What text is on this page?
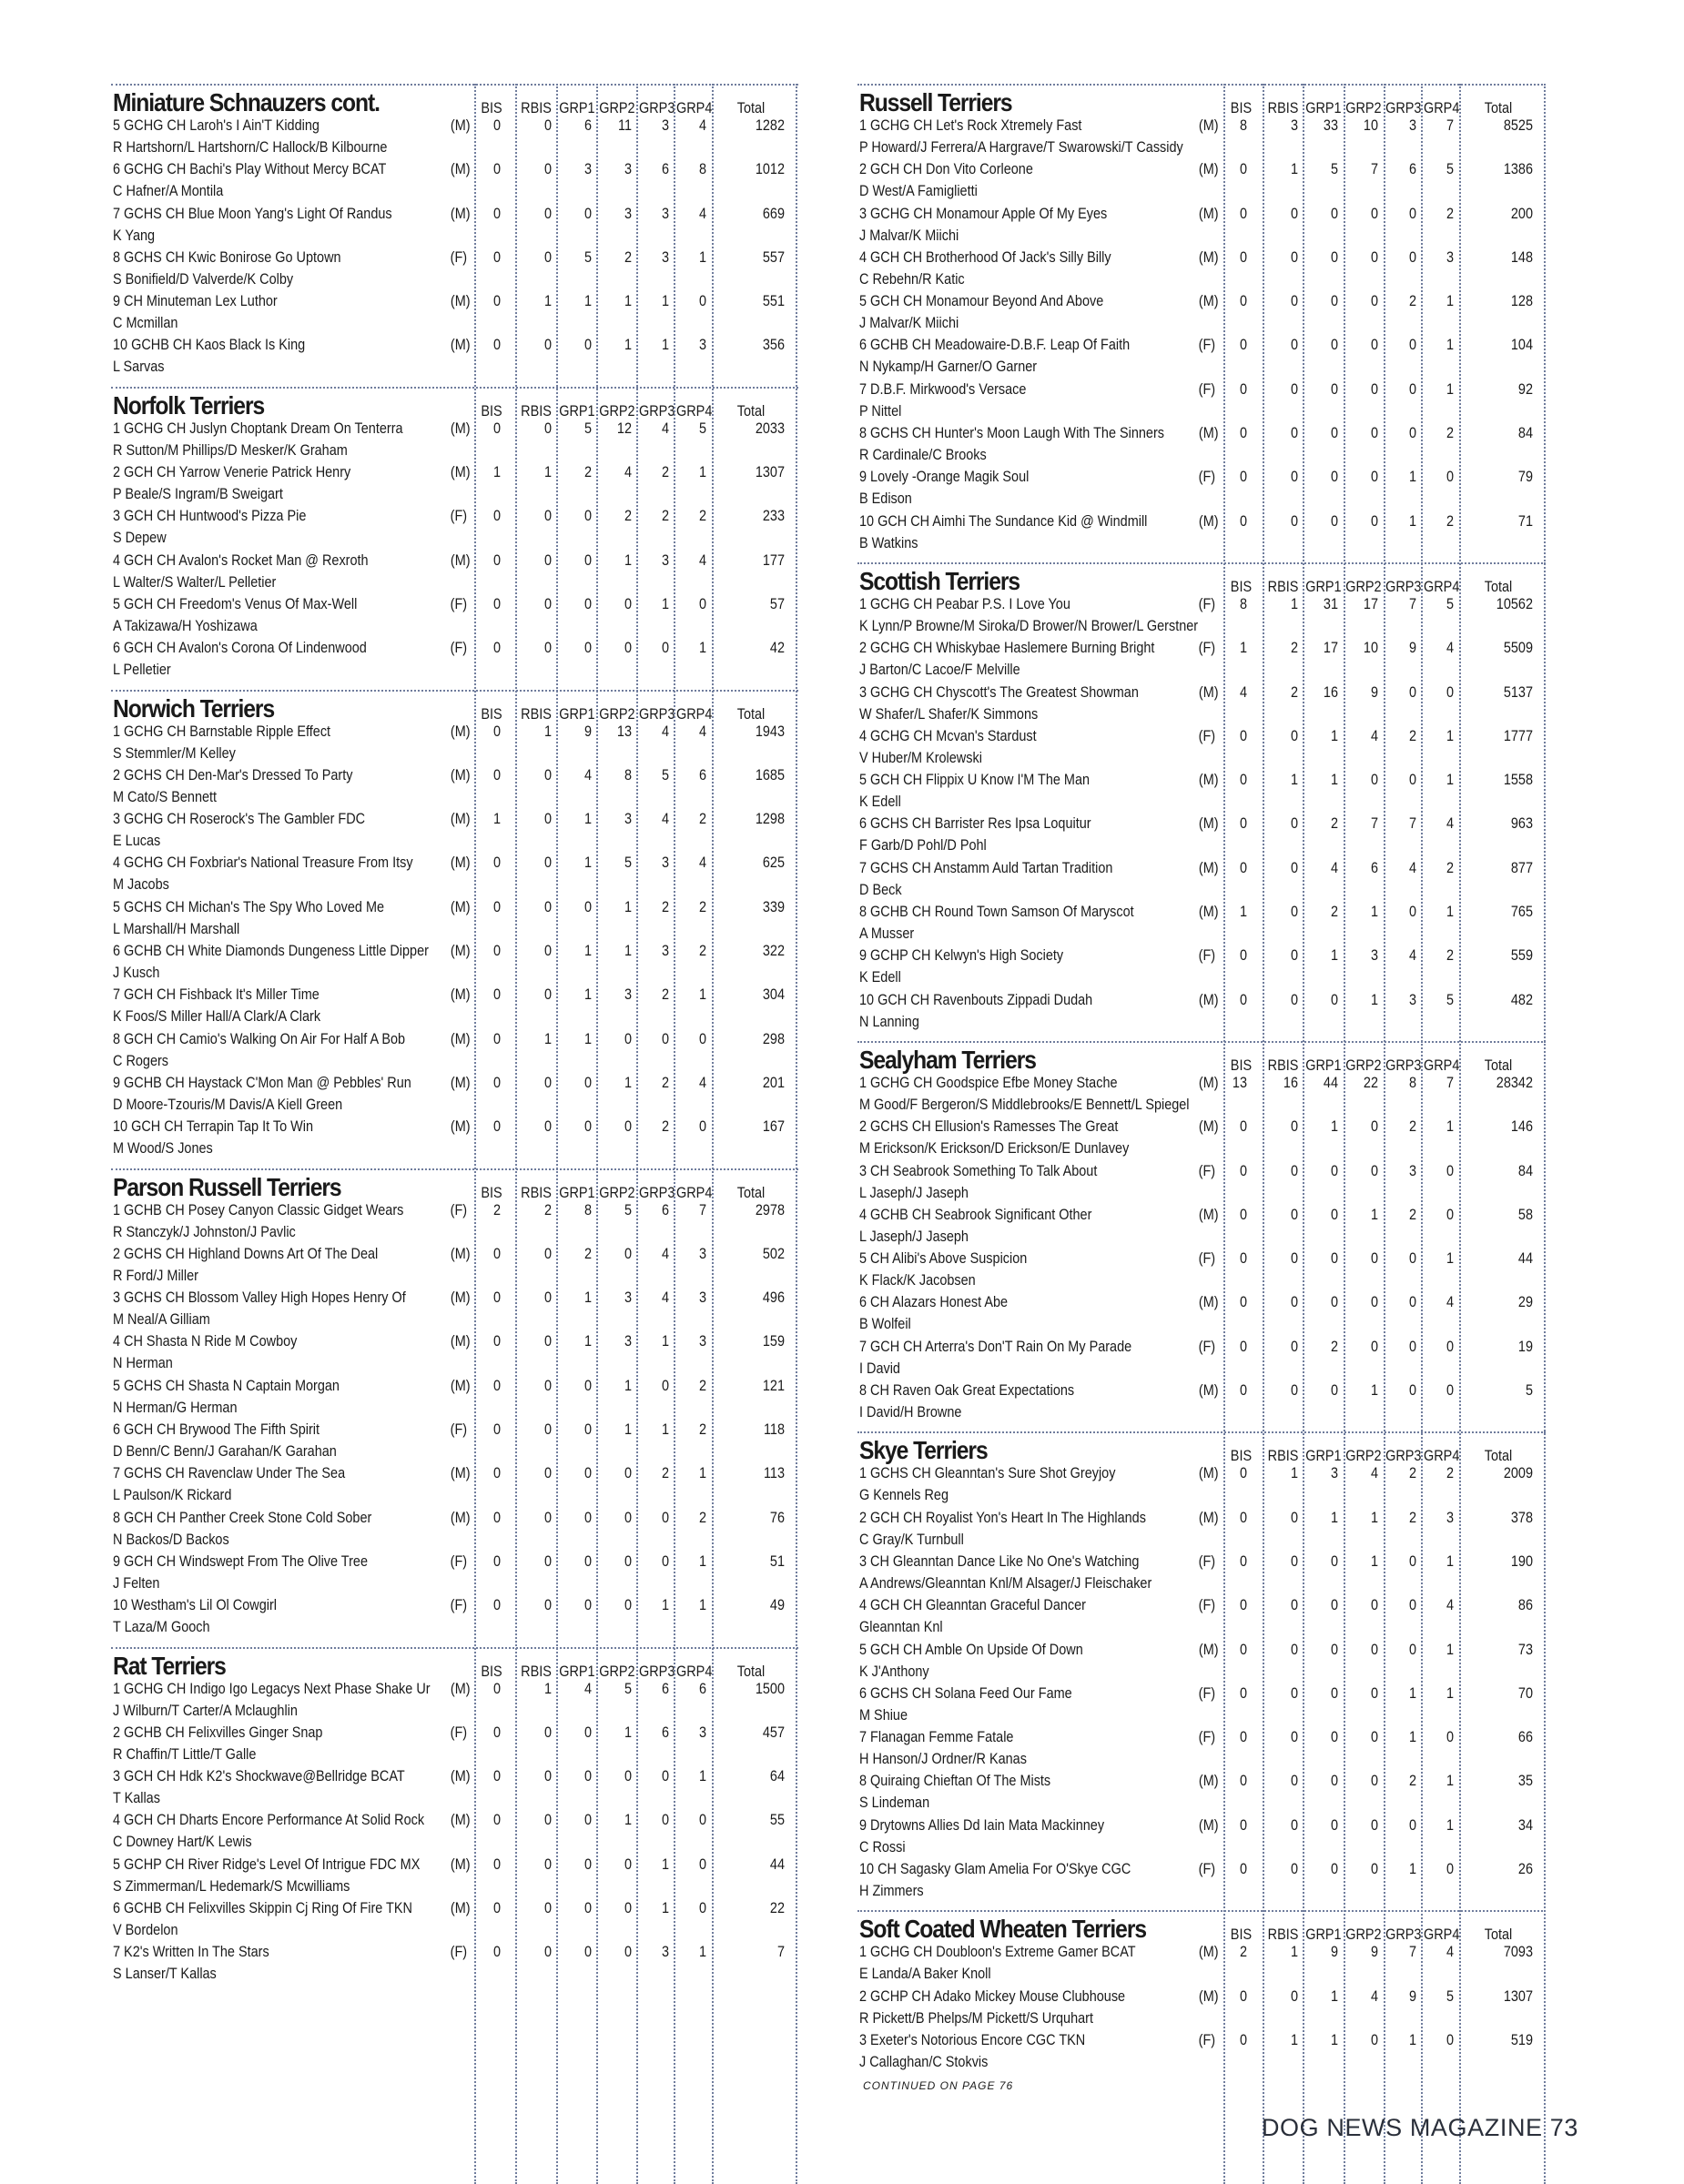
Miniature Schnauzers cont.	BIS RBIS GRP1 GRP2 GRP3 GRP4	Total
5 GCHG CH Laroh's I Ain'T Kidding
R Hartshorn/L Hartshorn/C Hallock/B Kilbourne
(M)	0	0	6	11	3	4	1282
6 GCHG CH Bachi's Play Without Mercy BCAT
C Hafner/A Montila
(M)	0	0	3	3	6	8	1012
7 GCHS CH Blue Moon Yang's Light Of Randus
K Yang
(M)	0	0	0	3	3	4	669
8 GCHS CH Kwic Bonirose Go Uptown
S Bonifield/D Valverde/K Colby
(F)	0	0	5	2	3	1	557
9 CH Minuteman Lex Luthor
C Mcmillan
(M)	0	1	1	1	1	0	551
10 GCHB CH Kaos Black Is King
L Sarvas
(M)	0	0	0	1	1	3	356
Norfolk Terriers	BIS RBIS GRP1 GRP2 GRP3 GRP4	Total
1 GCHG CH Juslyn Choptank Dream On Tenterra
R Sutton/M Phillips/D Mesker/K Graham
(M)	0	0	5	12	4	5	2033
2 GCH CH Yarrow Venerie Patrick Henry
P Beale/S Ingram/B Sweigart
(M)	1	1	2	4	2	1	1307
3 GCH CH Huntwood's Pizza Pie
S Depew
(F)	0	0	0	2	2	2	233
4 GCH CH Avalon's Rocket Man @ Rexroth
L Walter/S Walter/L Pelletier
(M)	0	0	0	1	3	4	177
5 GCH CH Freedom's Venus Of Max-Well
A Takizawa/H Yoshizawa
(F)	0	0	0	0	1	0	57
6 GCH CH Avalon's Corona Of Lindenwood
L Pelletier
(F)	0	0	0	0	0	1	42
Norwich Terriers	BIS RBIS GRP1 GRP2 GRP3 GRP4	Total
1 GCHG CH Barnstable Ripple Effect
S Stemmler/M Kelley
(M)	0	1	9	13	4	4	1943
2 GCHS CH Den-Mar's Dressed To Party
M Cato/S Bennett
(M)	0	0	4	8	5	6	1685
3 GCHG CH Roserock's The Gambler FDC
E Lucas
(M)	1	0	1	3	4	2	1298
4 GCHG CH Foxbriar's National Treasure From Itsy
M Jacobs
(M)	0	0	1	5	3	4	625
5 GCHS CH Michan's The Spy Who Loved Me
L Marshall/H Marshall
(M)	0	0	0	1	2	2	339
6 GCHB CH White Diamonds Dungeness Little Dipper
J Kusch
(M)	0	0	1	1	3	2	322
7 GCH CH Fishback It's Miller Time
K Foos/S Miller Hall/A Clark/A Clark
(M)	0	0	1	3	2	1	304
8 GCH CH Camio's Walking On Air For Half A Bob
C Rogers
(M)	0	1	1	0	0	0	298
9 GCHB CH Haystack C'Mon Man @ Pebbles' Run
D Moore-Tzouris/M Davis/A Kiell Green
(M)	0	0	0	1	2	4	201
10 GCH CH Terrapin Tap It To Win
M Wood/S Jones
(M)	0	0	0	0	2	0	167
Parson Russell Terriers	BIS RBIS GRP1 GRP2 GRP3 GRP4	Total
1 GCHB CH Posey Canyon Classic Gidget Wears
R Stanczyk/J Johnston/J Pavlic
(F)	2	2	8	5	6	7	2978
2 GCHS CH Highland Downs Art Of The Deal
R Ford/J Miller
(M)	0	0	2	0	4	3	502
3 GCHS CH Blossom Valley High Hopes Henry Of
M Neal/A Gilliam
(M)	0	0	1	3	4	3	496
4 CH Shasta N Ride M Cowboy
N Herman
(M)	0	0	1	3	1	3	159
5 GCHS CH Shasta N Captain Morgan
N Herman/G Herman
(M)	0	0	0	1	0	2	121
6 GCH CH Brywood The Fifth Spirit
D Benn/C Benn/J Garahan/K Garahan
(F)	0	0	0	1	1	2	118
7 GCHS CH Ravenclaw Under The Sea
L Paulson/K Rickard
(M)	0	0	0	0	2	1	113
8 GCH CH Panther Creek Stone Cold Sober
N Backos/D Backos
(M)	0	0	0	0	0	2	76
9 GCH CH Windswept From The Olive Tree
J Felten
(F)	0	0	0	0	0	1	51
10 Westham's Lil Ol Cowgirl
T Laza/M Gooch
(F)	0	0	0	0	1	1	49
Rat Terriers	BIS RBIS GRP1 GRP2 GRP3 GRP4	Total
1 GCHG CH Indigo Igo Legacys Next Phase Shake Ur
J Wilburn/T Carter/A Mclaughlin
(M)	0	1	4	5	6	6	1500
2 GCHB CH Felixvilles Ginger Snap
R Chaffin/T Little/T Galle
(F)	0	0	0	1	6	3	457
3 GCH CH Hdk K2's Shockwave@Bellridge BCAT
T Kallas
(M)	0	0	0	0	0	1	64
4 GCH CH Dharts Encore Performance At Solid Rock
C Downey Hart/K Lewis
(M)	0	0	0	1	0	0	55
5 GCHP CH River Ridge's Level Of Intrigue FDC MX
S Zimmerman/L Hedemark/S Mcwilliams
(M)	0	0	0	0	1	0	44
6 GCHB CH Felixvilles Skippin Cj Ring Of Fire TKN
V Bordelon
(M)	0	0	0	0	1	0	22
7 K2's Written In The Stars
S Lanser/T Kallas
(F)	0	0	0	0	3	1	7
Russell Terriers	BIS RBIS GRP1 GRP2 GRP3 GRP4	Total
1 GCHG CH Let's Rock Xtremely Fast
P Howard/J Ferrera/A Hargrave/T Swarowski/T Cassidy
(M)	8	3	33	10	3	7	8525
2 GCH CH Don Vito Corleone
D West/A Famiglietti
(M)	0	1	5	7	6	5	1386
3 GCHG CH Monamour Apple Of My Eyes
J Malvar/K Miichi
(M)	0	0	0	0	0	2	200
4 GCH CH Brotherhood Of Jack's Silly Billy
C Rebehn/R Katic
(M)	0	0	0	0	0	3	148
5 GCH CH Monamour Beyond And Above
J Malvar/K Miichi
(M)	0	0	0	0	2	1	128
6 GCHB CH Meadowaire-D.B.F. Leap Of Faith
N Nykamp/H Garner/O Garner
(F)	0	0	0	0	0	1	104
7 D.B.F. Mirkwood's Versace
P Nittel
(F)	0	0	0	0	0	1	92
8 GCHS CH Hunter's Moon Laugh With The Sinners
R Cardinale/C Brooks
(M)	0	0	0	0	0	2	84
9 Lovely -Orange Magik Soul
B Edison
(F)	0	0	0	0	1	0	79
10 GCH CH Aimhi The Sundance Kid @ Windmill
B Watkins
(M)	0	0	0	0	1	2	71
Scottish Terriers	BIS RBIS GRP1 GRP2 GRP3 GRP4	Total
1 GCHG CH Peabar P.S. I Love You
K Lynn/P Browne/M Siroka/D Brower/N Brower/L Gerstner
(F)	8	1	31	17	7	5	10562
2 GCHG CH Whiskybae Haslemere Burning Bright
J Barton/C Lacoe/F Melville
(F)	1	2	17	10	9	4	5509
3 GCHG CH Chyscott's The Greatest Showman
W Shafer/L Shafer/K Simmons
(M)	4	2	16	9	0	0	5137
4 GCHG CH Mcvan's Stardust
V Huber/M Krolewski
(F)	0	0	1	4	2	1	1777
5 GCH CH Flippix U Know I'M The Man
K Edell
(M)	0	1	1	0	0	1	1558
6 GCHS CH Barrister Res Ipsa Loquitur
F Garb/D Pohl/D Pohl
(M)	0	0	2	7	7	4	963
7 GCHS CH Anstamm Auld Tartan Tradition
D Beck
(M)	0	0	4	6	4	2	877
8 GCHB CH Round Town Samson Of Maryscot
A Musser
(M)	1	0	2	1	0	1	765
9 GCHP CH Kelwyn's High Society
K Edell
(F)	0	0	1	3	4	2	559
10 GCH CH Ravenbouts Zippadi Dudah
N Lanning
(M)	0	0	0	1	3	5	482
Sealyham Terriers	BIS RBIS GRP1 GRP2 GRP3 GRP4	Total
1 GCHG CH Goodspice Efbe Money Stache
M Good/F Bergeron/S Middlebrooks/E Bennett/L Spiegel
(M) 13	16	44	22	8	7	28342
2 GCHS CH Ellusion's Ramesses The Great
M Erickson/K Erickson/D Erickson/E Dunlavey
(M)	0	0	1	0	2	1	146
3 CH Seabrook Something To Talk About
L Jaseph/J Jaseph
(F)	0	0	0	0	3	0	84
4 GCHB CH Seabrook Significant Other
L Jaseph/J Jaseph
(M)	0	0	0	1	2	0	58
5 CH Alibi's Above Suspicion
K Flack/K Jacobsen
(F)	0	0	0	0	0	1	44
6 CH Alazars Honest Abe
B Wolfeil
(M)	0	0	0	0	0	4	29
7 GCH CH Arterra's Don'T Rain On My Parade
I David
(F)	0	0	2	0	0	0	19
8 CH Raven Oak Great Expectations
I David/H Browne
(M)	0	0	0	1	0	0	5
Skye Terriers	BIS RBIS GRP1 GRP2 GRP3 GRP4	Total
1 GCHS CH Gleanntan's Sure Shot Greyjoy
G Kennels Reg
(M)	0	1	3	4	2	2	2009
2 GCH CH Royalist Yon's Heart In The Highlands
C Gray/K Turnbull
(M)	0	0	1	1	2	3	378
3 CH Gleanntan Dance Like No One's Watching
A Andrews/Gleanntan Knl/M Alsager/J Fleischaker
(F)	0	0	0	1	0	1	190
4 GCH CH Gleanntan Graceful Dancer
Gleanntan Knl
(F)	0	0	0	0	0	4	86
5 GCH CH Amble On Upside Of Down
K J'Anthony
(M)	0	0	0	0	0	1	73
6 GCHS CH Solana Feed Our Fame
M Shiue
(F)	0	0	0	0	1	1	70
7 Flanagan Femme Fatale
H Hanson/J Ordner/R Kanas
(F)	0	0	0	0	1	0	66
8 Quiraing Chieftan Of The Mists
S Lindeman
(M)	0	0	0	0	2	1	35
9 Drytowns Allies Dd Iain Mata Mackinney
C Rossi
(M)	0	0	0	0	0	1	34
10 CH Sagasky Glam Amelia For O'Skye CGC
H Zimmers
(F)	0	0	0	0	1	0	26
Soft Coated Wheaten Terriers	BIS RBIS GRP1 GRP2 GRP3 GRP4	Total
1 GCHG CH Doubloon's Extreme Gamer BCAT
E Landa/A Baker Knoll
(M)	2	1	9	9	7	4	7093
2 GCHP CH Adako Mickey Mouse Clubhouse
R Pickett/B Phelps/M Pickett/S Urquhart
(M)	0	0	1	4	9	5	1307
3 Exeter's Notorious Encore CGC TKN
J Callaghan/C Stokvis
(F)	0	1	1	0	1	0	519
CONTINUED ON PAGE 76
DOG NEWS MAGAZINE 73
